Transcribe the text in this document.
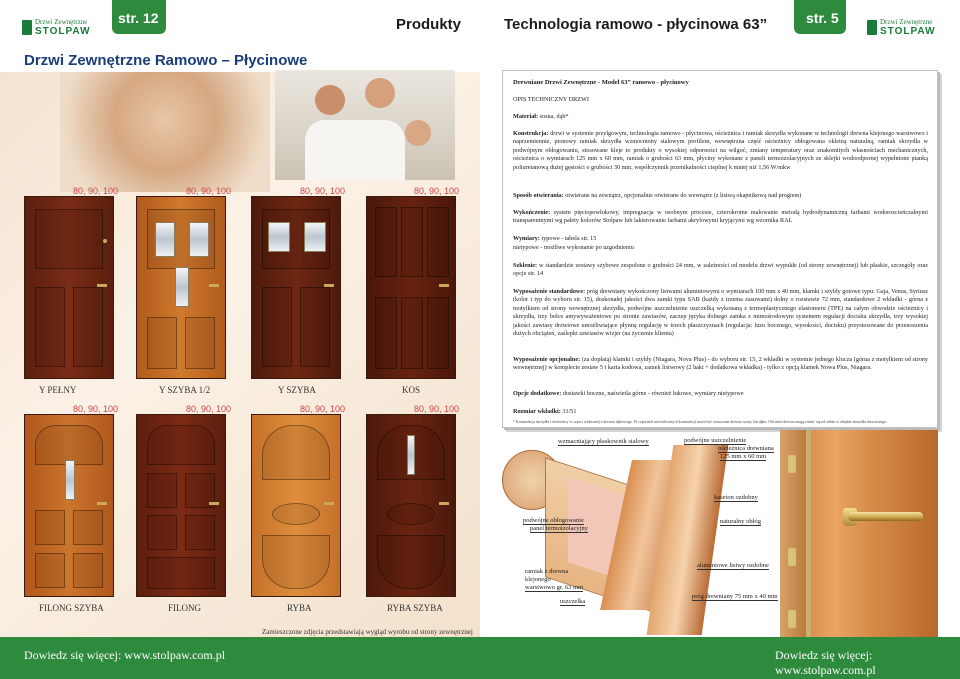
Drzwi Zewnętrzne
STOLPAW
str. 12	Produkty	Technologia ramowo - płycinowa 63”	str. 5	Drzwi Zewnętrzne
STOLPAW
Drzwi Zewnętrzne Ramowo – Płycinowe
80, 90, 100	80, 90, 100	80, 90, 100	80, 90, 100
Y PEŁNY	Y SZYBA 1/2	Y SZYBA	KOS
80, 90, 100	80, 90, 100	80, 90, 100	80, 90, 100
FILONG SZYBA	FILONG	RYBA	RYBA SZYBA
Zamieszczone zdjęcia przedstawiają wygląd wyrobu od strony zewnętrznej
Drewniane Drzwi Zewnętrzne - Model 63” ramowo - płycinowy
OPIS TECHNICZNY DRZWI
Materiał: sosna, dąb*
Konstrukcja: drzwi w systemie przylgowym, technologia ramowo - płycinowa, ościeżnica i ramiak skrzydła wykonane w technologii drewna klejonego warstwowo i naprzemiennie, pionowy ramiak skrzydła wzmocniony stalowym profilem, wewnętrzna część ościeżnicy obłogowana okleiną naturalną, ramiak skrzydła w podwójnym obłogowaniu, stosowane kleje to produkty o wysokiej odporności na wilgoć, zmiany temperatury oraz znakomitych własnościach mechanicznych, ościeżnica o wymiarach 125 mm x 60 mm, ramiak o grubości 63 mm, płyciny wykonane z paneli termoizolacyjnych ze sklejki wodoodpornej wypełnione pianką poliuretanową dużej gęstości o grubości 30 mm, współczynnik przenikalności cieplnej k mniej niż 1,56 W/mkw
Sposób otwierania: otwierane na zewnątrz, opcjonalnie otwierane do wewnątrz (z listwą okapnikową nad progiem)
Wykończenie: system pięciopowłokowy, impregnacja w osobnym procesie, czterokrotne malowanie metodą hydrodynamiczną farbami wodorozcieńczalnymi transparentnymi wg palety kolorów Stolpaw lub lakierowanie farbami akrylowymi kryjącymi wg wzornika RAL
Wymiary: typowe - tabela str. 15
nietypowe - możliwe wykonanie po uzgodnieniu
Szklenie: w standardzie zestawy szybowe zespolone o grubości 24 mm, w zależności od modelu drzwi wypukłe (od strony zewnętrznej) lub płaskie, szczegóły oraz opcje str. 14
Wyposażenie standardowe: próg drewniany wykończony listwami aluminiowymi o wymiarach 100 mm x 40 mm, klamki i szyldy gotowe typu: Gaja, Venus, Syriusz (kolor i typ do wyboru str. 15), doskonałej jakości dwa zamki typu SAB (każdy z trzema zasuwami) dolny o rozstawie 72 mm, standardowe 2 wkładki - górna z motylkiem od strony wewnętrznej skrzydła, podwójne uszczelnienie uszczelką wykonaną z termoplastycznego elastomeru (TPE) na całym obwodzie ościeżnicy i skrzydła, trzy bolce antywyważeniowe po stronie zawiasów, zaczep języka dolnego zamka z mimośrodowym systemem regulacji docisku skrzydła, trzy wysokiej jakości zawiasy drzwiowe umożliwiające płynną regulację w trzech płaszczyznach (regulacja: luzu bocznego, wysokości, docisku) przystosowane do przenoszenia dużych obciążeń, zaślepki zawiasów wizjer (na życzenie klienta)
Wyposażenie opcjonalne: (za dopłatą) klamki i szyldy (Niagara, Nova Plus) - do wyboru str. 15, 2 wkładki w systemie jednego klucza (górna z motylkiem od strony wewnętrznej) w komplecie zestaw 5 i karta kodowa, zamek listwowy (2 haki + dodatkowa wkładka) - tylko z opcją klamek Nowa Plus, Niagara.
Opcje dodatkowe: dostawki boczne, naświetla górne - również łukowe, wymiary nietypowe
Rozmiar wkładki: 31/51
* Konstrukcja skrzydła i ościeżnicy w części widocznej z drewna dębowego. W częściach niewidocznych konstrukcji może być stosowane drewno sosny lub dębu. Odcienie drewna mogą różnić się od siebie w obrębie skrzydła drzwiowego.
wzmacniający płaskownik stalowy	podwójne uszczelnienie
ościeżnica drewniana
125 mm x 60 mm
kaseton ozdobny
podwójne obłogowanie
panel termoizolacyjny
naturalny obłóg
ramiak z drewna
klejonego
warstwowo gr. 63 mm
aluminiowe listwy ozdobne
uszczelka
próg drewniany 75 mm x 40 mm
Dowiedz się więcej: www.stolpaw.com.pl	Dowiedz się więcej: www.stolpaw.com.pl
